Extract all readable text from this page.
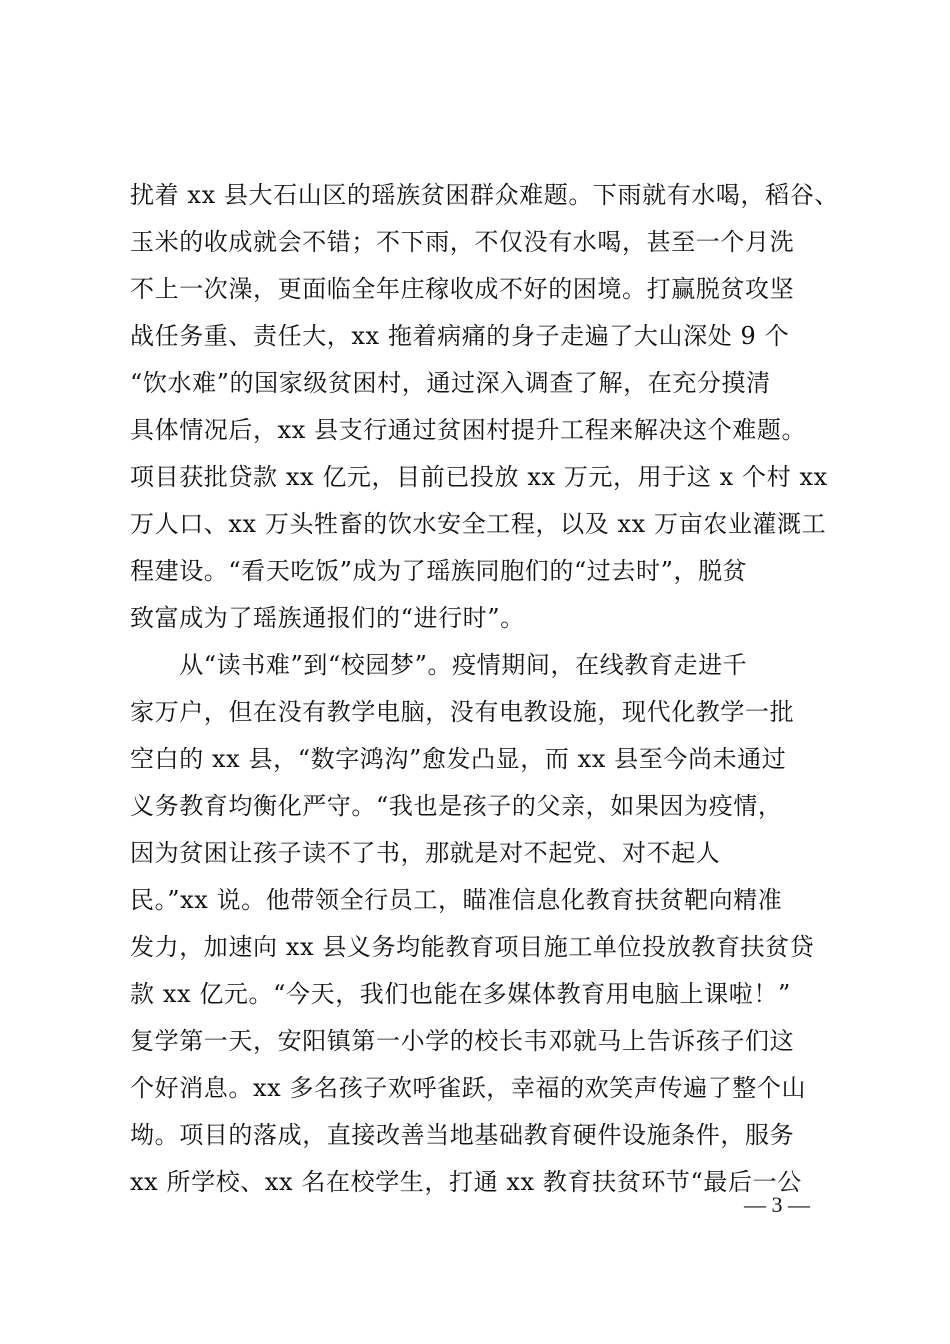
扰着 xx 县大石山区的瑶族贫困群众难题。下雨就有水喝，稻谷、
玉米的收成就会不错；不下雨，不仅没有水喝，甚至一个月洗
不上一次澡，更面临全年庄稼收成不好的困境。打赢脱贫攻坚
战任务重、责任大，xx 拖着病痛的身子走遍了大山深处 9 个
“饮水难”的国家级贫困村，通过深入调查了解，在充分摸清
具体情况后，xx 县支行通过贫困村提升工程来解决这个难题。
项目获批贷款 xx 亿元，目前已投放 xx 万元，用于这 x 个村 xx
万人口、xx 万头牲畜的饮水安全工程，以及 xx 万亩农业灌溉工
程建设。“看天吃饭”成为了瑶族同胞们的“过去时”，脱贫
致富成为了瑶族通报们的“进行时”。
　　从“读书难”到“校园梦”。疫情期间，在线教育走进千
家万户，但在没有教学电脑，没有电教设施，现代化教学一批
空白的 xx 县，“数字鸿沟”愈发凸显，而 xx 县至今尚未通过
义务教育均衡化严守。“我也是孩子的父亲，如果因为疫情，
因为贫困让孩子读不了书，那就是对不起党、对不起人
民。”xx 说。他带领全行员工，瞄准信息化教育扶贫靶向精准
发力，加速向 xx 县义务均能教育项目施工单位投放教育扶贫贷
款 xx 亿元。“今天，我们也能在多媒体教育用电脑上课啦！”
复学第一天，安阳镇第一小学的校长韦邓就马上告诉孩子们这
个好消息。xx 多名孩子欢呼雀跃，幸福的欢笑声传遍了整个山
坳。项目的落成，直接改善当地基础教育硬件设施条件，服务
xx 所学校、xx 名在校学生，打通 xx 教育扶贫环节“最后一公
— 3 —
